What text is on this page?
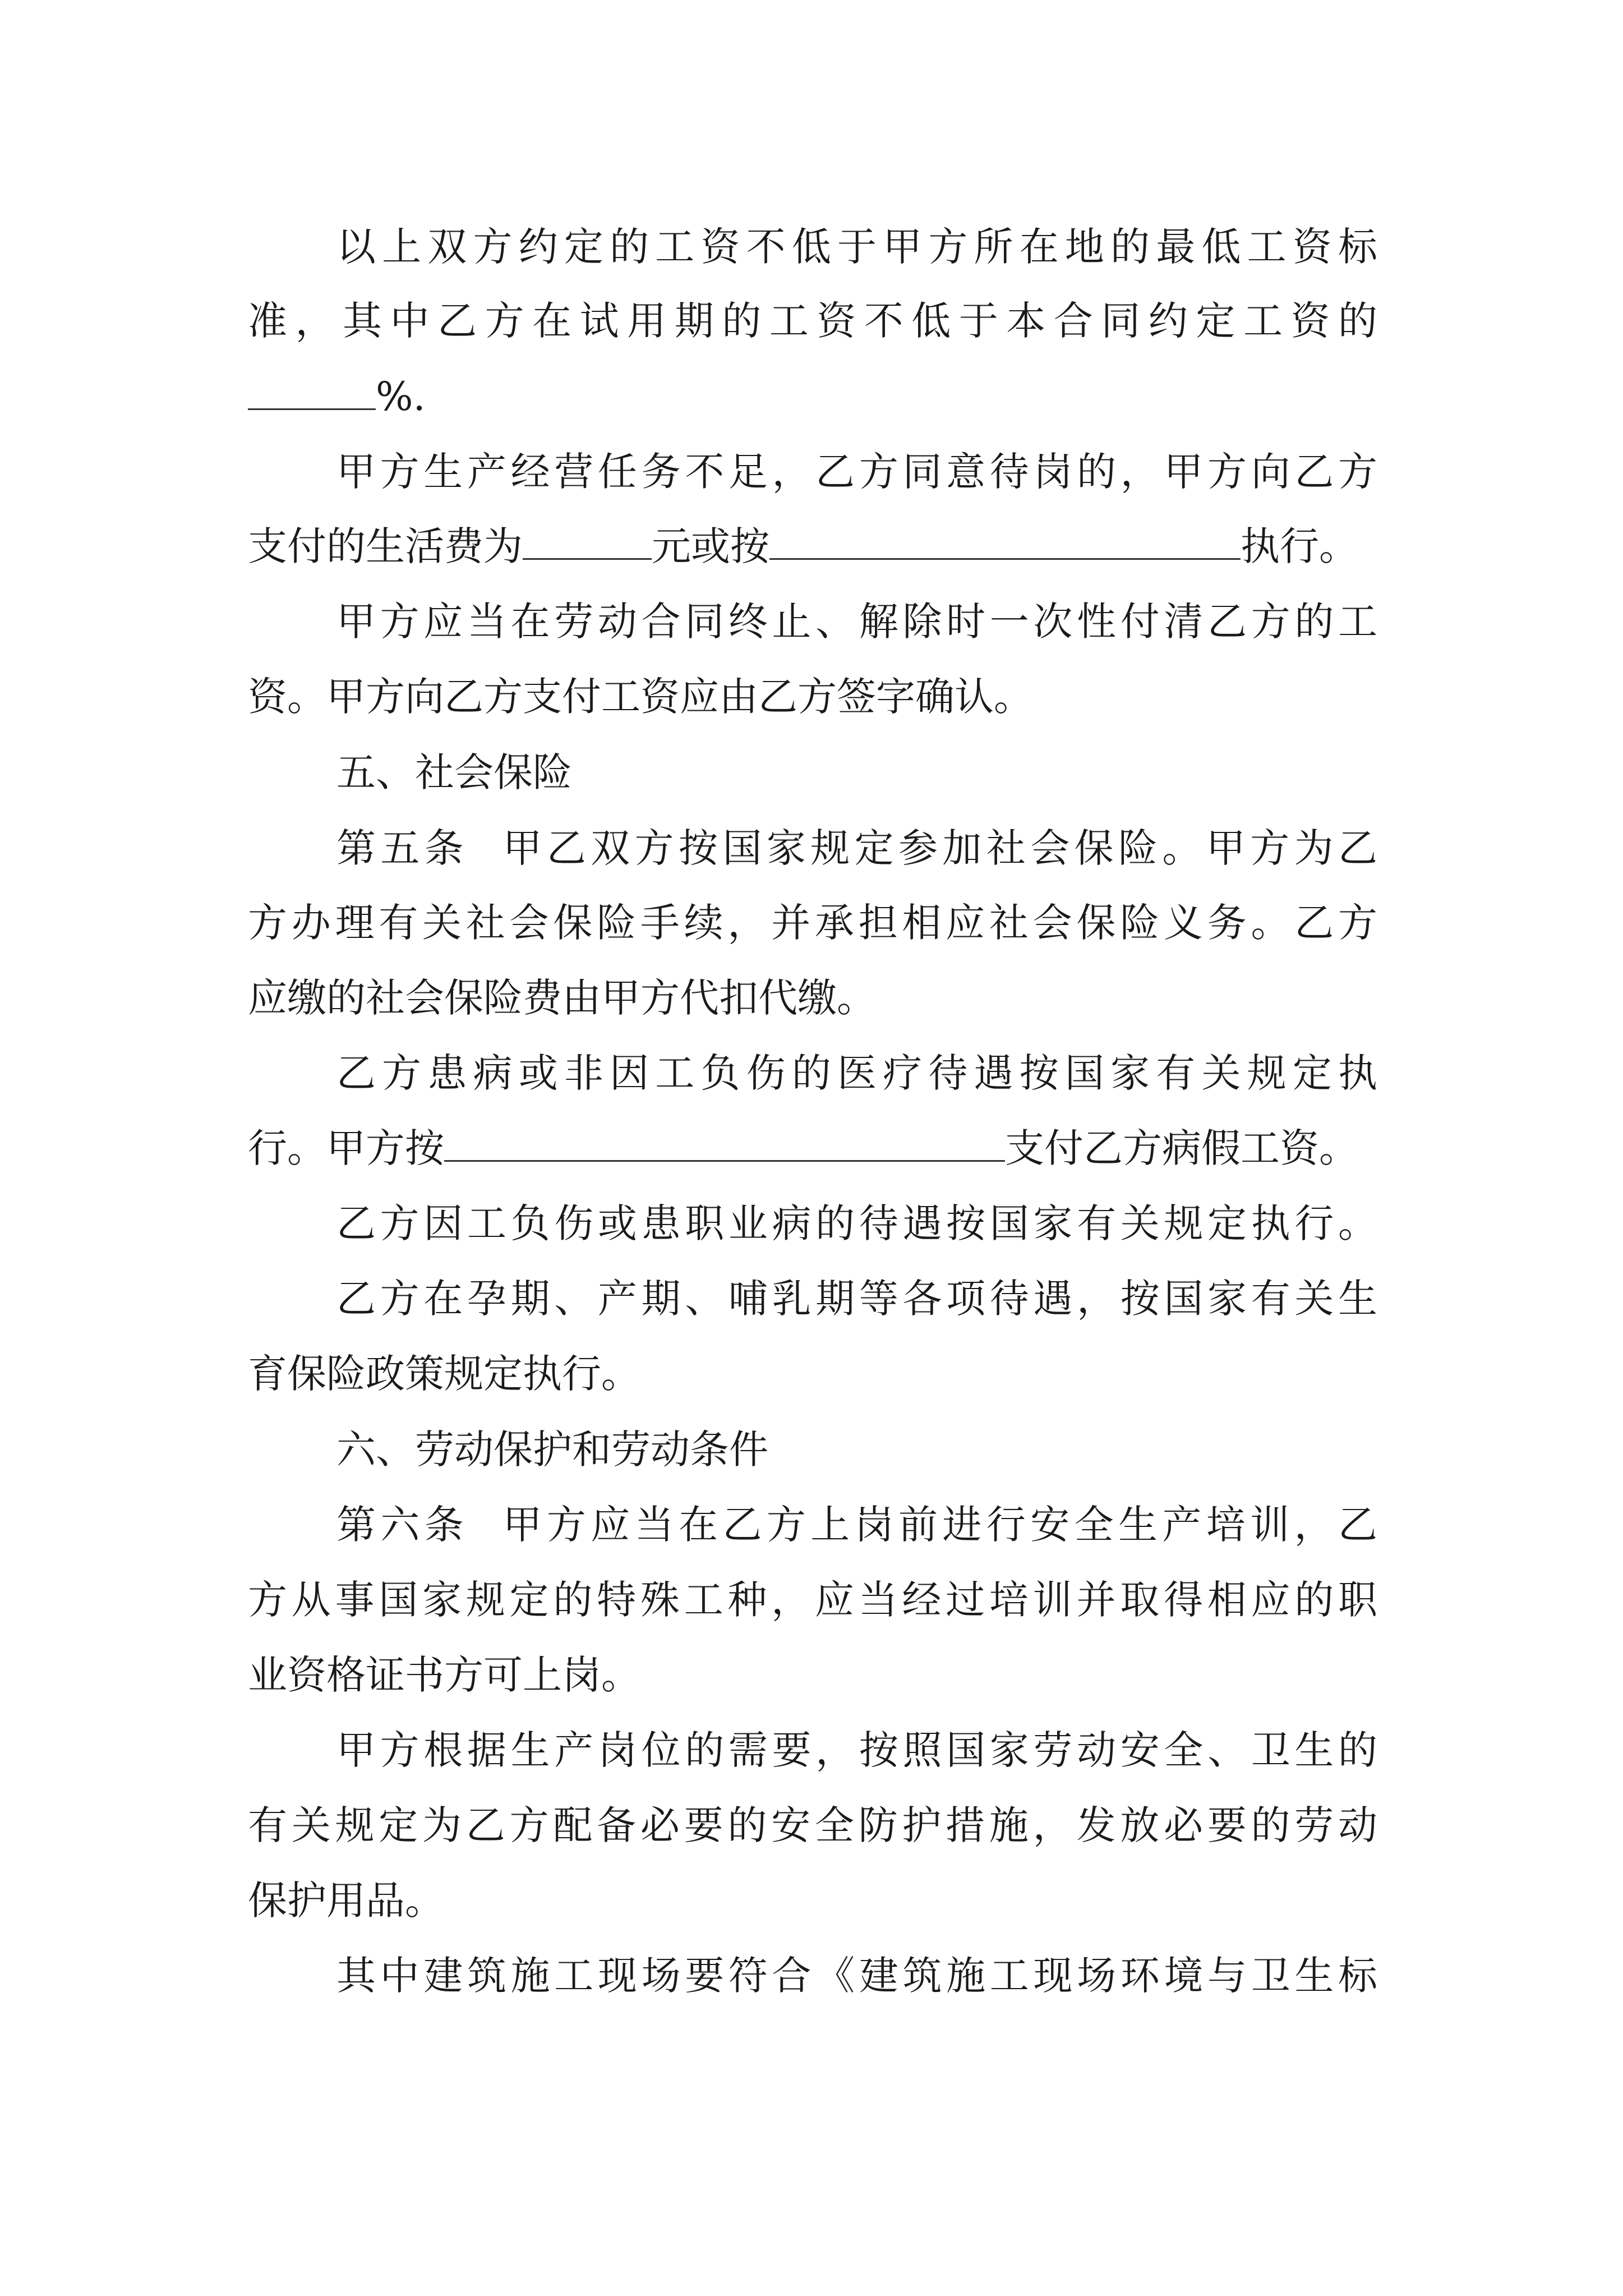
以上双方约定的工资不低于甲方所在地的最低工资标
准，其中乙方在试用期的工资不低于本合同约定工资的
%.
甲方生产经营任务不足，乙方同意待岗的，甲方向乙方
支付的生活费为	元或按	执行。
甲方应当在劳动合同终止、解除时一次性付清乙方的工
资。甲方向乙方支付工资应由乙方签字确认。
五、社会保险
第五条  甲乙双方按国家规定参加社会保险。甲方为乙
方办理有关社会保险手续，并承担相应社会保险义务。乙方
应缴的社会保险费由甲方代扣代缴。
乙方患病或非因工负伤的医疗待遇按国家有关规定执
行。甲方按	支付乙方病假工资。
乙方因工负伤或患职业病的待遇按国家有关规定执行。
乙方在孕期、产期、哺乳期等各项待遇，按国家有关生
育保险政策规定执行。
六、劳动保护和劳动条件
第六条  甲方应当在乙方上岗前进行安全生产培训，乙
方从事国家规定的特殊工种，应当经过培训并取得相应的职
业资格证书方可上岗。
甲方根据生产岗位的需要，按照国家劳动安全、卫生的
有关规定为乙方配备必要的安全防护措施，发放必要的劳动
保护用品。
其中建筑施工现场要符合《建筑施工现场环境与卫生标
